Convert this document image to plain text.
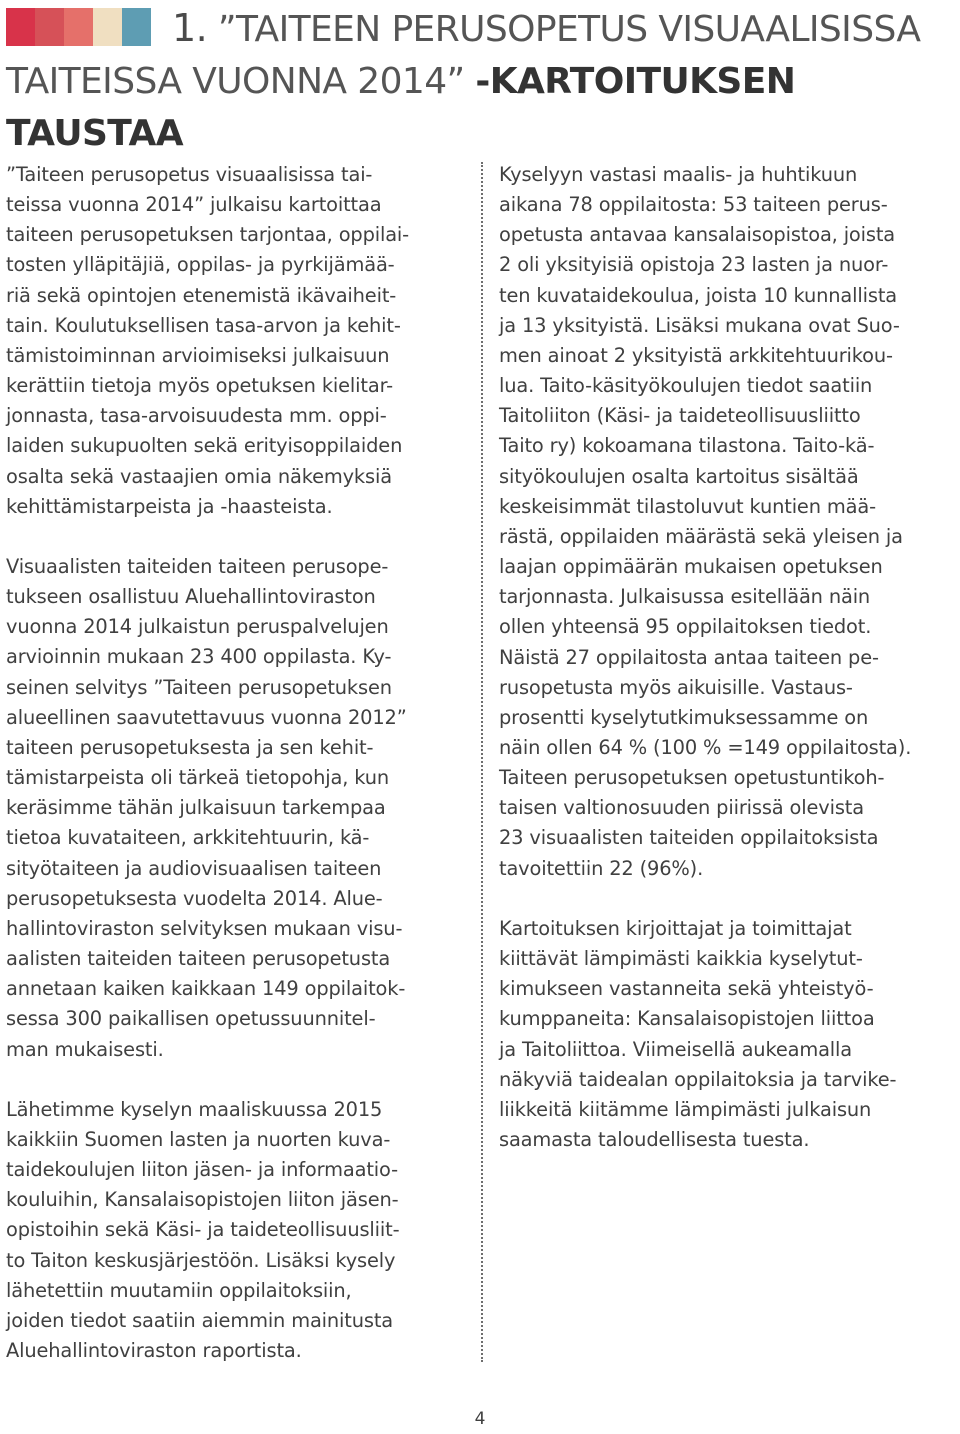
1. ”TAITEEN PERUSOPETUS VISUAALISISSA TAITEISSA VUONNA 2014” -KARTOITUKSEN TAUSTAA

”Taiteen perusopetus visuaalisissa tai-
teissa vuonna 2014” julkaisu kartoittaa
taiteen perusopetuksen tarjontaa, oppilai-
tosten ylläpitäjiä, oppilas- ja pyrkijämää-
riä sekä opintojen etenemistä ikävaiheit-
tain. Koulutuksellisen tasa-arvon ja kehit-
tämistoiminnan arvioimiseksi julkaisuun
kerättiin tietoja myös opetuksen kielitar-
jonnasta, tasa-arvoisuudesta mm. oppi-
laiden sukupuolten sekä erityisoppilaiden
osalta sekä vastaajien omia näkemyksiä
kehittämistarpeista ja -haasteista.

Visuaalisten taiteiden taiteen perusope-
tukseen osallistuu Aluehallintoviraston
vuonna 2014 julkaistun peruspalvelujen
arvioinnin mukaan 23 400 oppilasta. Ky-
seinen selvitys ”Taiteen perusopetuksen
alueellinen saavutettavuus vuonna 2012”
taiteen perusopetuksesta ja sen kehit-
tämistarpeista oli tärkeä tietopohja, kun
keräsimme tähän julkaisuun tarkempaa
tietoa kuvataiteen, arkkitehtuurin, kä-
sityötaiteen ja audiovisuaalisen taiteen
perusopetuksesta vuodelta 2014. Alue-
hallintoviraston selvityksen mukaan visu-
aalisten taiteiden taiteen perusopetusta
annetaan kaiken kaikkaan 149 oppilaitok-
sessa 300 paikallisen opetussuunnitel-
man mukaisesti.

Lähetimme kyselyn maaliskuussa 2015
kaikkiin Suomen lasten ja nuorten kuva-
taidekoulujen liiton jäsen- ja informaatio-
kouluihin, Kansalaisopistojen liiton jäsen-
opistoihin sekä Käsi- ja taideteollisuusliit-
to Taiton keskusjärjestöön. Lisäksi kysely
lähetettiin muutamiin oppilaitoksiin,
joiden tiedot saatiin aiemmin mainitusta
Aluehallintoviraston raportista.

Kyselyyn vastasi maalis- ja huhtikuun
aikana 78 oppilaitosta: 53 taiteen perus-
opetusta antavaa kansalaisopistoa, joista
2 oli yksityisiä opistoja 23 lasten ja nuor-
ten kuvataidekoulua, joista 10 kunnallista
ja 13 yksityistä. Lisäksi mukana ovat Suo-
men ainoat 2 yksityistä arkkitehtuurikou-
lua. Taito-käsityökoulujen tiedot saatiin
Taitoliiton (Käsi- ja taideteollisuusliitto
Taito ry) kokoamana tilastona. Taito-kä-
sityökoulujen osalta kartoitus sisältää
keskeisimmät tilastoluvut kuntien mää-
rästä, oppilaiden määrästä sekä yleisen ja
laajan oppimäärän mukaisen opetuksen
tarjonnasta. Julkaisussa esitellään näin
ollen yhteensä 95 oppilaitoksen tiedot.
Näistä 27 oppilaitosta antaa taiteen pe-
rusopetusta myös aikuisille. Vastaus-
prosentti kyselytutkimuksessamme on
näin ollen 64 % (100 % =149 oppilaitosta).
Taiteen perusopetuksen opetustuntikoh-
taisen valtionosuuden piirissä olevista
23 visuaalisten taiteiden oppilaitoksista
tavoitettiin 22 (96%).

Kartoituksen kirjoittajat ja toimittajat
kiittävät lämpimästi kaikkia kyselytut-
kimukseen vastanneita sekä yhteistyö-
kumppaneita: Kansalaisopistojen liittoa
ja Taitoliittoa. Viimeisellä aukeamalla
näkyviä taidealan oppilaitoksia ja tarvike-
liikkeitä kiitämme lämpimästi julkaisun
saamasta taloudellisesta tuesta.

4
